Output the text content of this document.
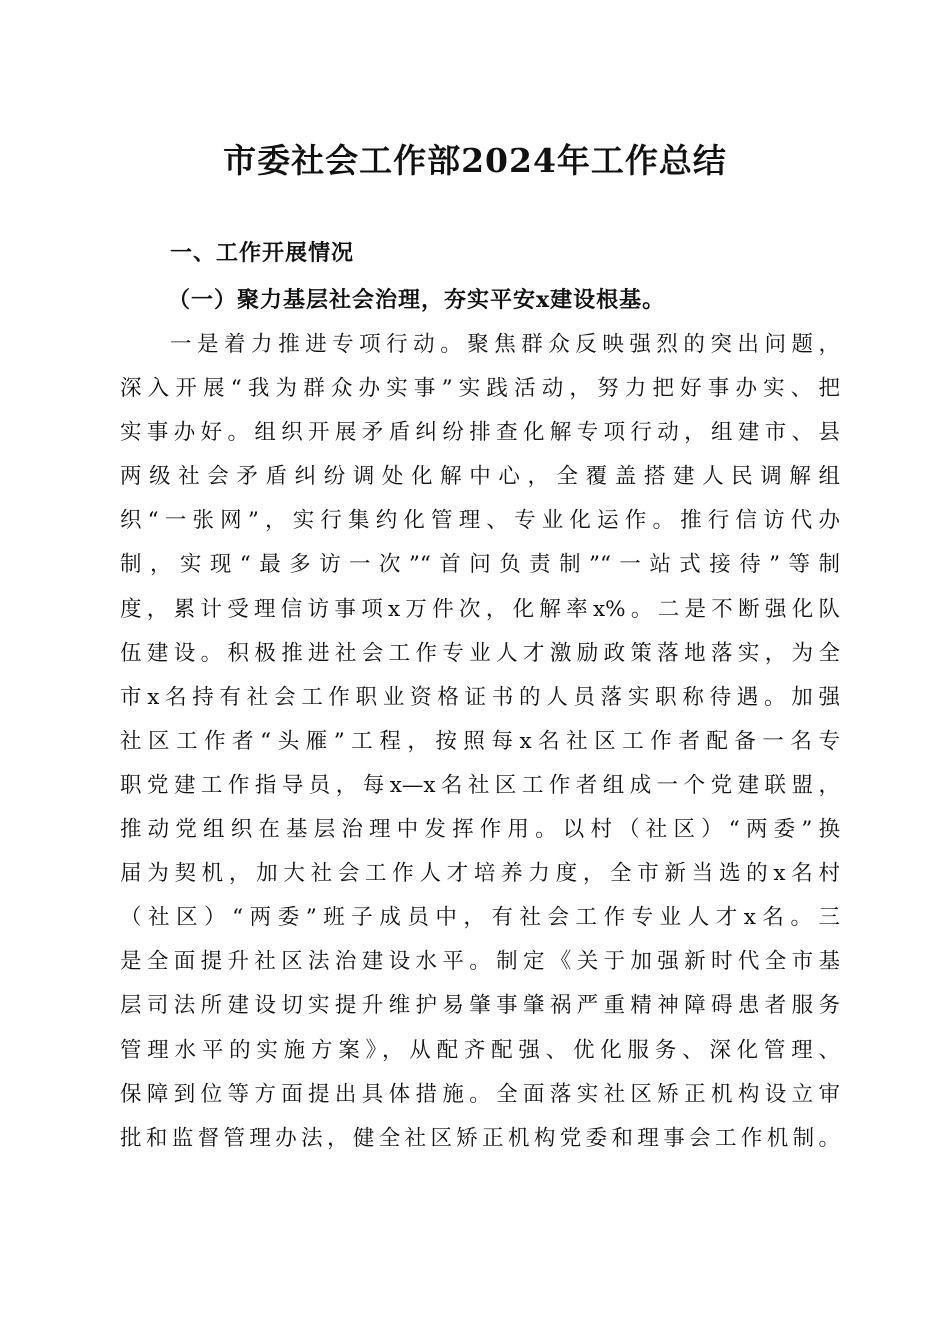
市委社会工作部2024年工作总结
一、工作开展情况
（一）聚力基层社会治理，夯实平安x建设根基。
一是着力推进专项行动。聚焦群众反映强烈的突出问题，
深入开展“我为群众办实事”实践活动，努力把好事办实、把
实事办好。组织开展矛盾纠纷排查化解专项行动，组建市、县
两级社会矛盾纠纷调处化解中心，全覆盖搭建人民调解组
织“一张网”，实行集约化管理、专业化运作。推行信访代办
制，实现“最多访一次”“首问负责制”“一站式接待”等制
度，累计受理信访事项x万件次，化解率x%。二是不断强化队
伍建设。积极推进社会工作专业人才激励政策落地落实，为全
市x名持有社会工作职业资格证书的人员落实职称待遇。加强
社区工作者“头雁”工程，按照每x名社区工作者配备一名专
职党建工作指导员，每x—x名社区工作者组成一个党建联盟，
推动党组织在基层治理中发挥作用。以村（社区）“两委”换
届为契机，加大社会工作人才培养力度，全市新当选的x名村
（社区）“两委”班子成员中，有社会工作专业人才x名。三
是全面提升社区法治建设水平。制定《关于加强新时代全市基
层司法所建设切实提升维护易肇事肇祸严重精神障碍患者服务
管理水平的实施方案》，从配齐配强、优化服务、深化管理、
保障到位等方面提出具体措施。全面落实社区矫正机构设立审
批和监督管理办法，健全社区矫正机构党委和理事会工作机制。
